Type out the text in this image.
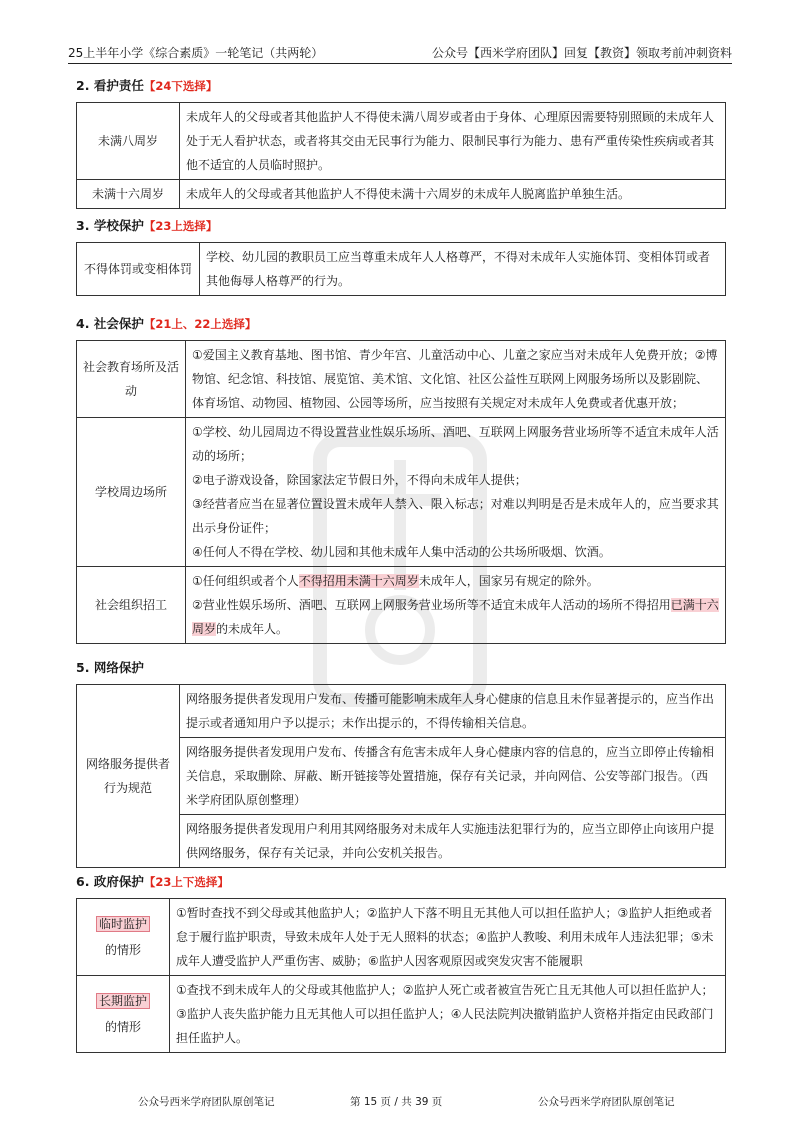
25上半年小学《综合素质》一轮笔记（共两轮）	公众号【西米学府团队】回复【教资】领取考前冲刺资料
2. 看护责任【24下选择】
未满八周岁	未成年人的父母或者其他监护人不得使未满八周岁或者由于身体、心理原因需要特别照顾的未成年人处于无人看护状态，或者将其交由无民事行为能力、限制民事行为能力、患有严重传染性疾病或者其他不适宜的人员临时照护。
未满十六周岁	未成年人的父母或者其他监护人不得使未满十六周岁的未成年人脱离监护单独生活。
3. 学校保护【23上选择】
不得体罚或变相体罚	学校、幼儿园的教职员工应当尊重未成年人人格尊严，不得对未成年人实施体罚、变相体罚或者其他侮辱人格尊严的行为。
4. 社会保护【21上、22上选择】
社会教育场所及活动	①爱国主义教育基地、图书馆、青少年宫、儿童活动中心、儿童之家应当对未成年人免费开放；②博物馆、纪念馆、科技馆、展览馆、美术馆、文化馆、社区公益性互联网上网服务场所以及影剧院、体育场馆、动物园、植物园、公园等场所，应当按照有关规定对未成年人免费或者优惠开放；
学校周边场所	①学校、幼儿园周边不得设置营业性娱乐场所、酒吧、互联网上网服务营业场所等不适宜未成年人活动的场所；
②电子游戏设备，除国家法定节假日外，不得向未成年人提供；
③经营者应当在显著位置设置未成年人禁入、限入标志；对难以判明是否是未成年人的，应当要求其出示身份证件；
④任何人不得在学校、幼儿园和其他未成年人集中活动的公共场所吸烟、饮酒。

社会组织招工	①任何组织或者个人不得招用未满十六周岁未成年人，国家另有规定的除外。
②营业性娱乐场所、酒吧、互联网上网服务营业场所等不适宜未成年人活动的场所不得招用已满十六周岁的未成年人。
5. 网络保护
网络服务提供者行为规范	网络服务提供者发现用户发布、传播可能影响未成年人身心健康的信息且未作显著提示的，应当作出提示或者通知用户予以提示；未作出提示的，不得传输相关信息。
网络服务提供者发现用户发布、传播含有危害未成年人身心健康内容的信息的，应当立即停止传输相关信息，采取删除、屏蔽、断开链接等处置措施，保存有关记录，并向网信、公安等部门报告。（西米学府团队原创整理）
网络服务提供者发现用户利用其网络服务对未成年人实施违法犯罪行为的，应当立即停止向该用户提供网络服务，保存有关记录，并向公安机关报告。
6. 政府保护【23上下选择】
临时监护
的情形	①暂时查找不到父母或其他监护人；②监护人下落不明且无其他人可以担任监护人；③监护人拒绝或者怠于履行监护职责，导致未成年人处于无人照料的状态；④监护人教唆、利用未成年人违法犯罪；⑤未成年人遭受监护人严重伤害、威胁；⑥监护人因客观原因或突发灾害不能履职
长期监护
的情形	①查找不到未成年人的父母或其他监护人；②监护人死亡或者被宣告死亡且无其他人可以担任监护人；③监护人丧失监护能力且无其他人可以担任监护人；④人民法院判决撤销监护人资格并指定由民政部门担任监护人。
公众号西米学府团队原创笔记	第 15 页 / 共 39 页	公众号西米学府团队原创笔记
